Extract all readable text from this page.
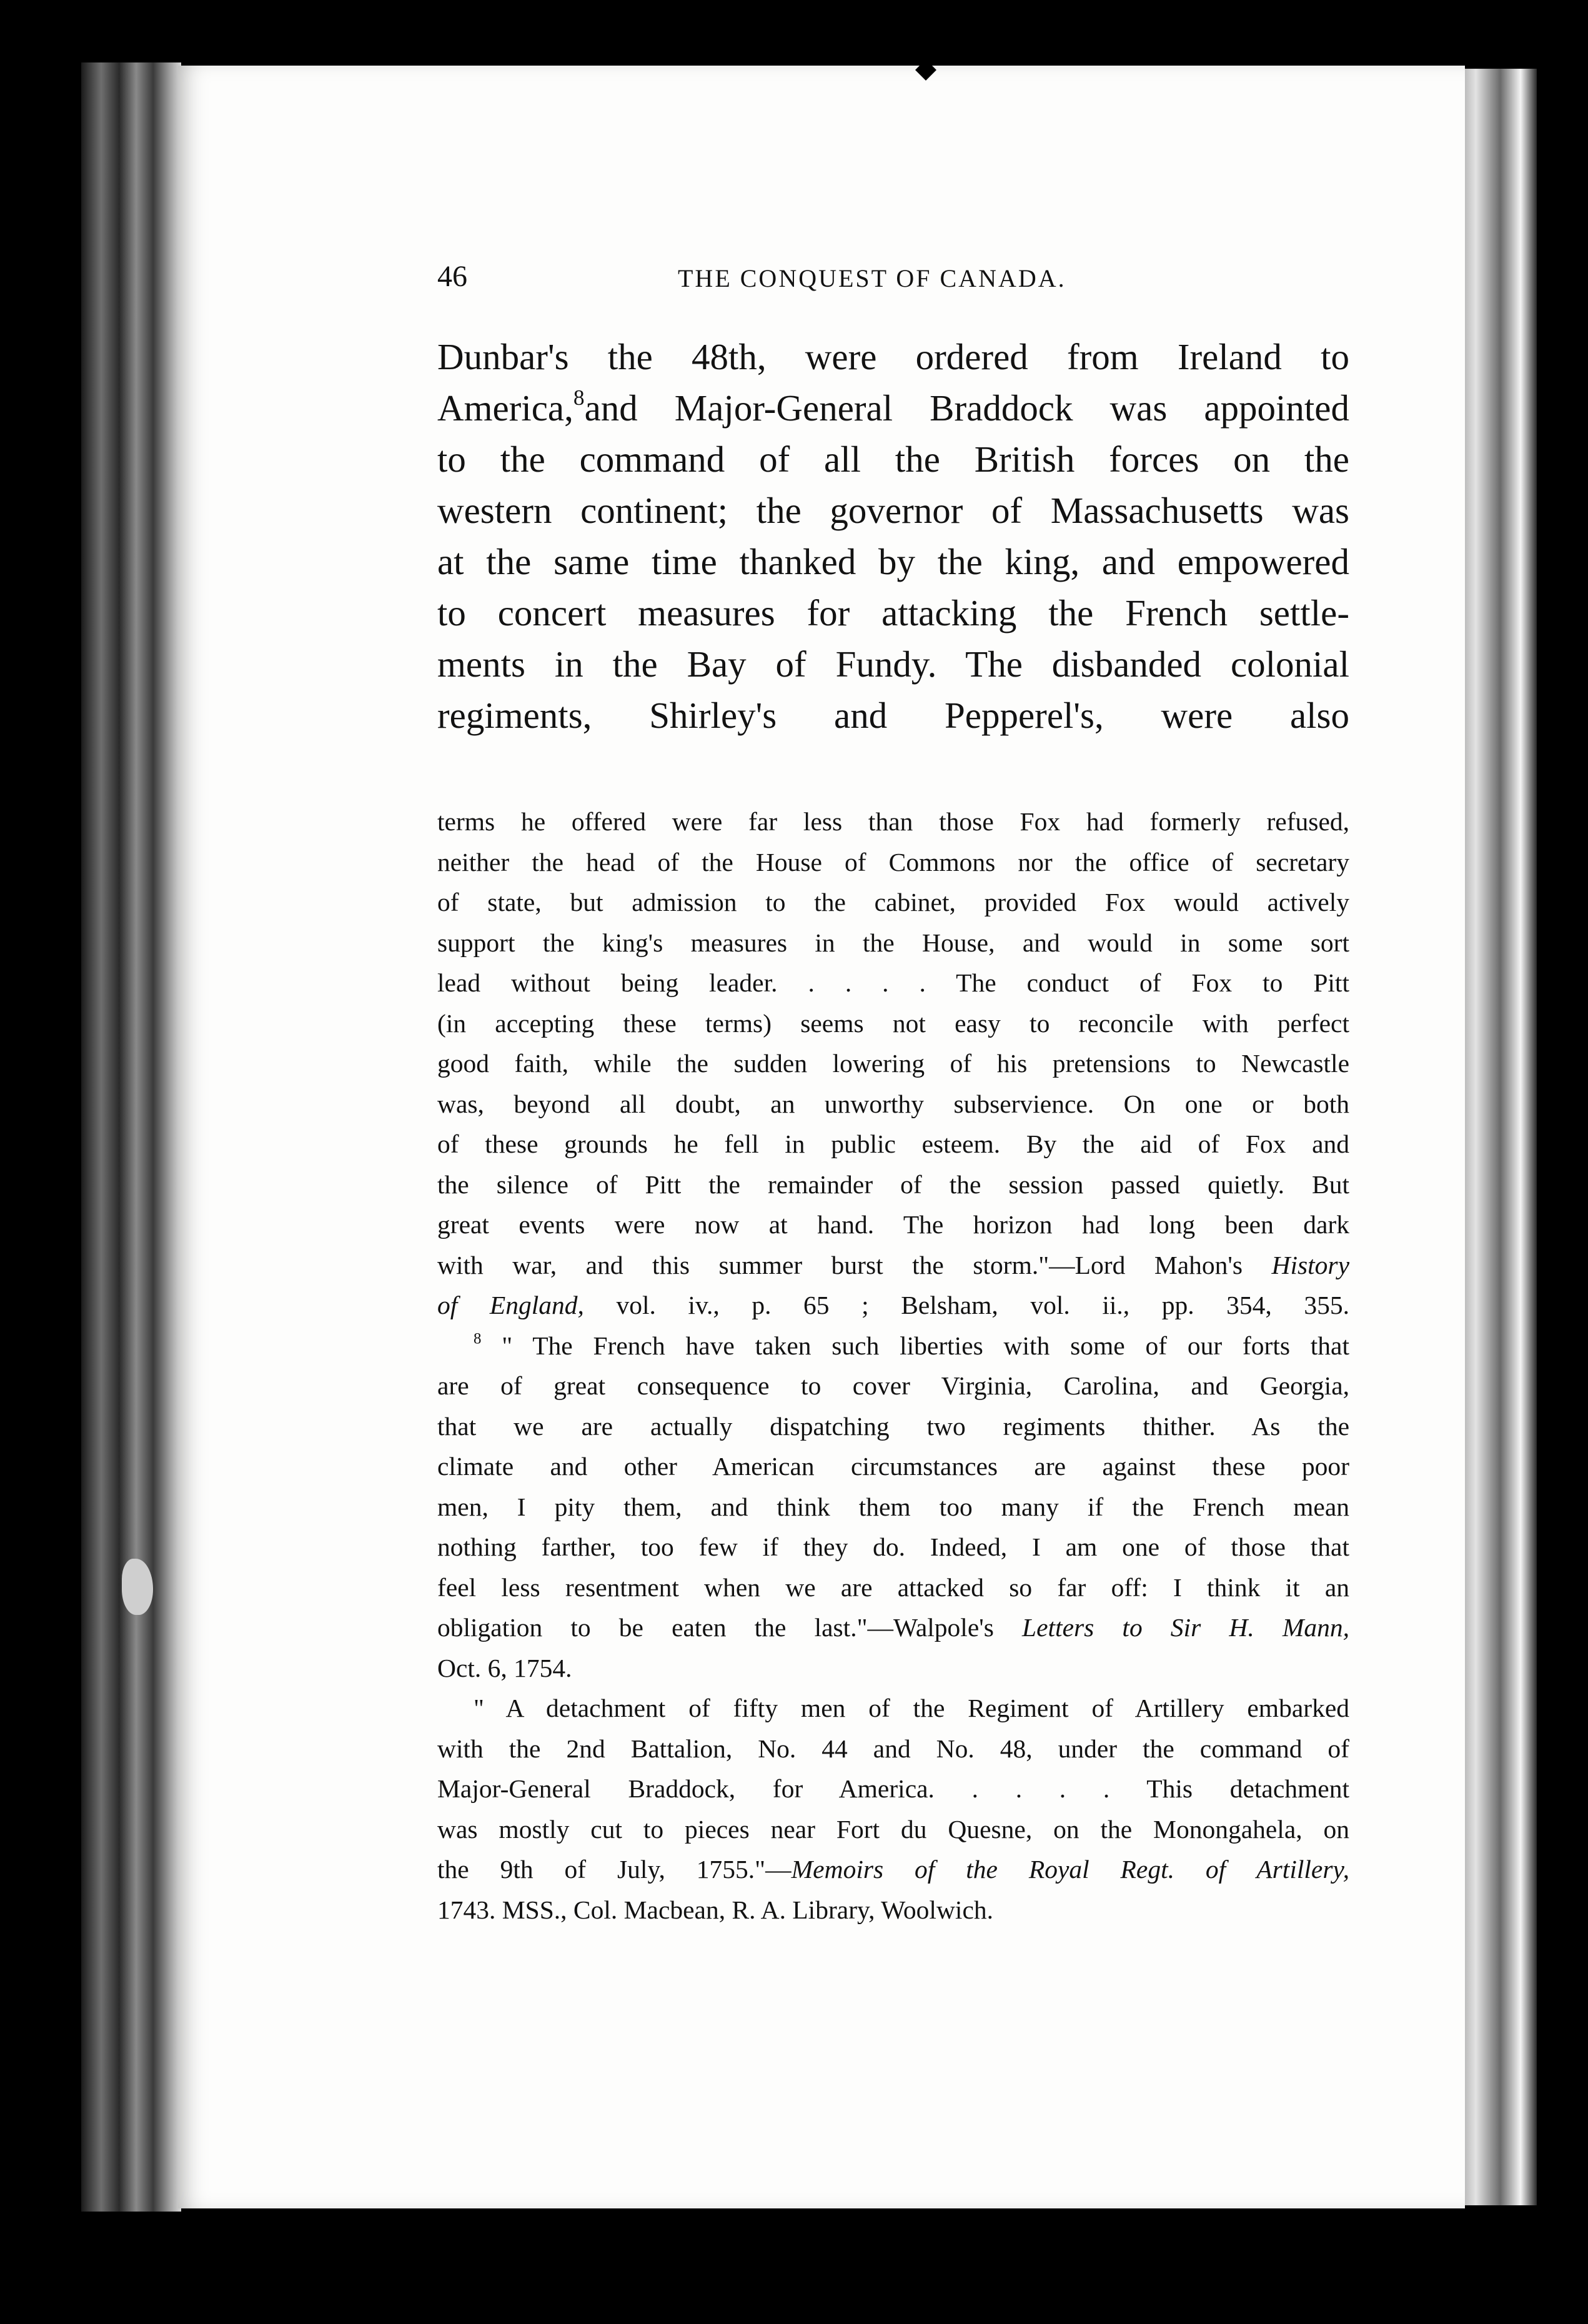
46	THE CONQUEST OF CANADA.
Dunbar's the 48th, were ordered from Ireland to
America,$^8$and Major-General Braddock was appointed
to the command of all the British forces on the
western continent; the governor of Massachusetts was
at the same time thanked by the king, and empowered
to concert measures for attacking the French settle-
ments in the Bay of Fundy. The disbanded colonial
regiments, Shirley's and Pepperel's, were also
terms he offered were far less than those Fox had formerly refused,
neither the head of the House of Commons nor the office of secretary
of state, but admission to the cabinet, provided Fox would actively
support the king's measures in the House, and would in some sort
lead without being leader. . . . . The conduct of Fox to Pitt
(in accepting these terms) seems not easy to reconcile with perfect
good faith, while the sudden lowering of his pretensions to Newcastle
was, beyond all doubt, an unworthy subservience. On one or both
of these grounds he fell in public esteem. By the aid of Fox and
the silence of Pitt the remainder of the session passed quietly. But
great events were now at hand. The horizon had long been dark
with war, and this summer burst the storm."—Lord Mahon's History
of England, vol. iv., p. 65 ; Belsham, vol. ii., pp. 354, 355.
$^8$ " The French have taken such liberties with some of our forts that
are of great consequence to cover Virginia, Carolina, and Georgia,
that we are actually dispatching two regiments thither. As the
climate and other American circumstances are against these poor
men, I pity them, and think them too many if the French mean
nothing farther, too few if they do. Indeed, I am one of those that
feel less resentment when we are attacked so far off: I think it an
obligation to be eaten the last."—Walpole's Letters to Sir H. Mann,
Oct. 6, 1754.
" A detachment of fifty men of the Regiment of Artillery embarked
with the 2nd Battalion, No. 44 and No. 48, under the command of
Major-General Braddock, for America. . . . . This detachment
was mostly cut to pieces near Fort du Quesne, on the Monongahela, on
the 9th of July, 1755."—Memoirs of the Royal Regt. of Artillery,
1743. MSS., Col. Macbean, R. A. Library, Woolwich.
